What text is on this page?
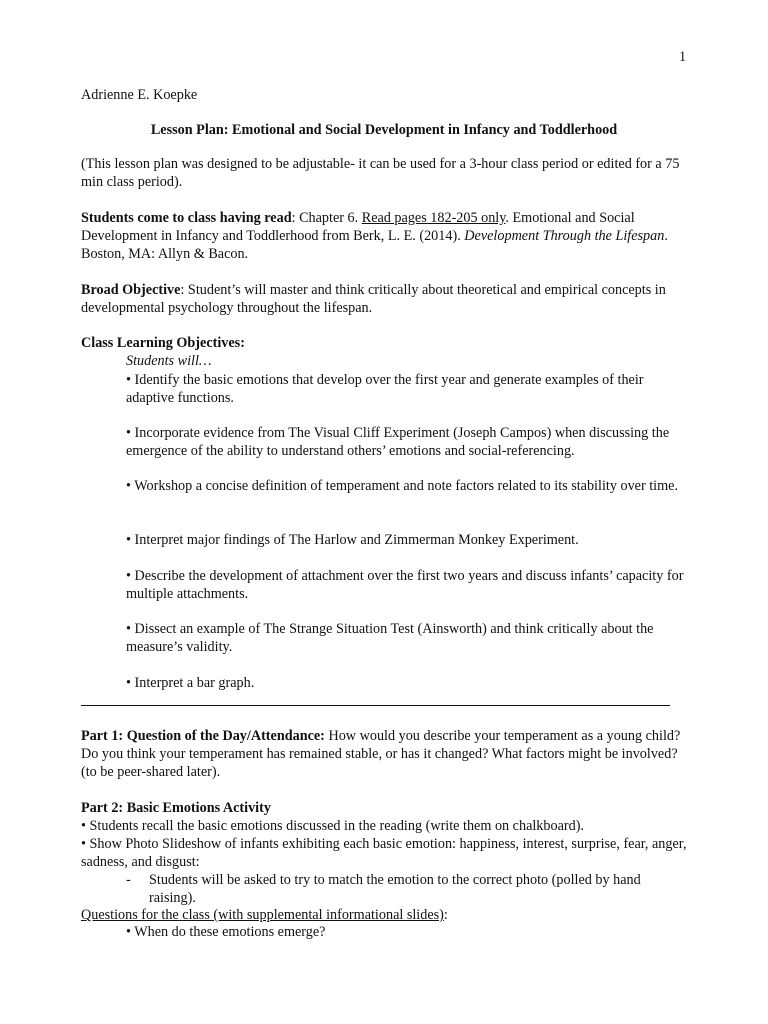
1
Adrienne E. Koepke
Lesson Plan: Emotional and Social Development in Infancy and Toddlerhood

(This lesson plan was designed to be adjustable- it can be used for a 3-hour class period or edited for a 75 min class period).

Students come to class having read: Chapter 6. Read pages 182-205 only. Emotional and Social Development in Infancy and Toddlerhood from Berk, L. E. (2014). Development Through the Lifespan. Boston, MA: Allyn & Bacon.

Broad Objective: Student’s will master and think critically about theoretical and empirical concepts in developmental psychology throughout the lifespan.

Class Learning Objectives:
Students will…

• Identify the basic emotions that develop over the first year and generate examples of their adaptive functions.

• Incorporate evidence from The Visual Cliff Experiment (Joseph Campos) when discussing the emergence of the ability to understand others’ emotions and social-referencing.

• Workshop a concise definition of temperament and note factors related to its stability over time.

• Interpret major findings of The Harlow and Zimmerman Monkey Experiment.

• Describe the development of attachment over the first two years and discuss infants’ capacity for multiple attachments.

• Dissect an example of The Strange Situation Test (Ainsworth) and think critically about the measure’s validity.

• Interpret a bar graph.

Part 1: Question of the Day/Attendance: How would you describe your temperament as a young child? Do you think your temperament has remained stable, or has it changed? What factors might be involved? (to be peer-shared later).

Part 2: Basic Emotions Activity

• Students recall the basic emotions discussed in the reading (write them on chalkboard).

• Show Photo Slideshow of infants exhibiting each basic emotion: happiness, interest, surprise, fear, anger, sadness, and disgust:

- Students will be asked to try to match the emotion to the correct photo (polled by hand raising).

Questions for the class (with supplemental informational slides):
• When do these emotions emerge?
